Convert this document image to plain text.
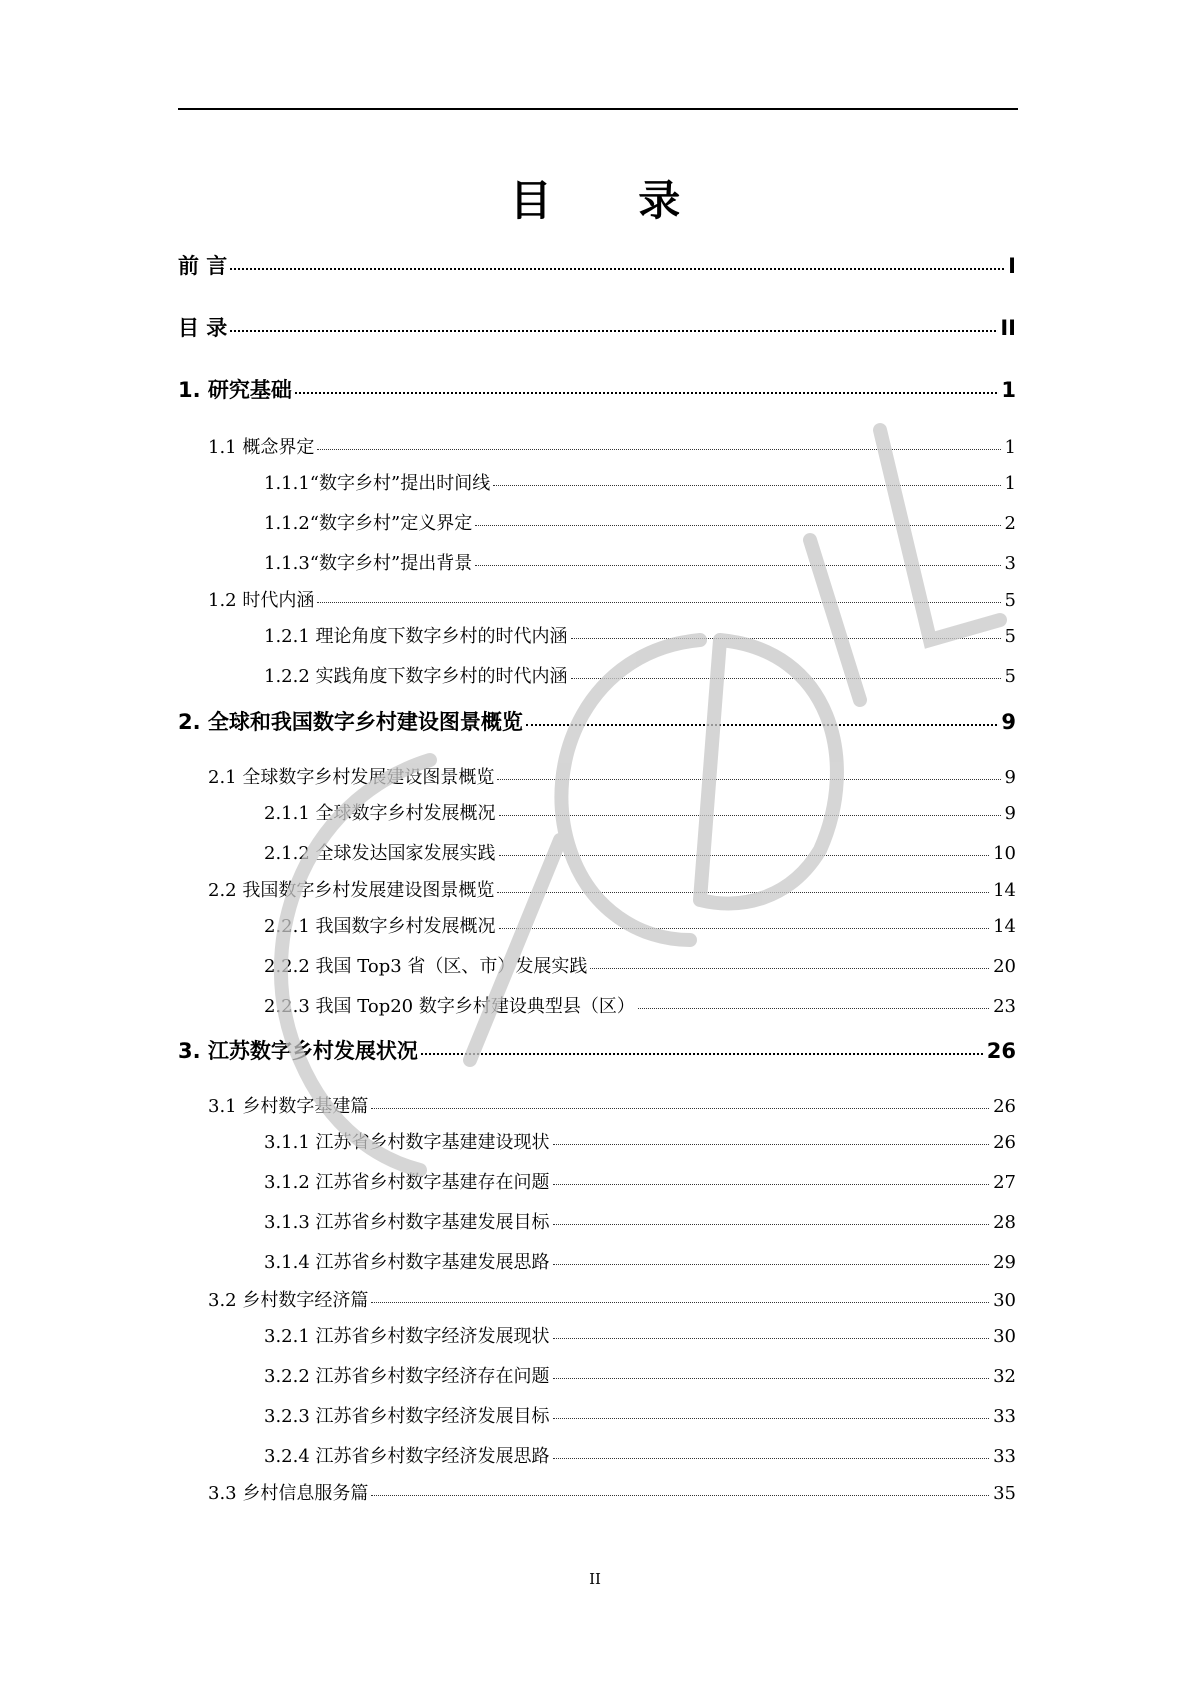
目 录
前 言	I
目 录	II
1. 研究基础	1
1.1 概念界定	1
1.1.1“数字乡村”提出时间线	1
1.1.2“数字乡村”定义界定	2
1.1.3“数字乡村”提出背景	3
1.2 时代内涵	5
1.2.1 理论角度下数字乡村的时代内涵	5
1.2.2 实践角度下数字乡村的时代内涵	5
2. 全球和我国数字乡村建设图景概览	9
2.1 全球数字乡村发展建设图景概览	9
2.1.1 全球数字乡村发展概况	9
2.1.2 全球发达国家发展实践	10
2.2 我国数字乡村发展建设图景概览	14
2.2.1 我国数字乡村发展概况	14
2.2.2 我国 Top3 省（区、市）发展实践	20
2.2.3 我国 Top20 数字乡村建设典型县（区）	23
3. 江苏数字乡村发展状况	26
3.1 乡村数字基建篇	26
3.1.1 江苏省乡村数字基建建设现状	26
3.1.2 江苏省乡村数字基建存在问题	27
3.1.3 江苏省乡村数字基建发展目标	28
3.1.4 江苏省乡村数字基建发展思路	29
3.2 乡村数字经济篇	30
3.2.1 江苏省乡村数字经济发展现状	30
3.2.2 江苏省乡村数字经济存在问题	32
3.2.3 江苏省乡村数字经济发展目标	33
3.2.4 江苏省乡村数字经济发展思路	33
3.3 乡村信息服务篇	35
II
